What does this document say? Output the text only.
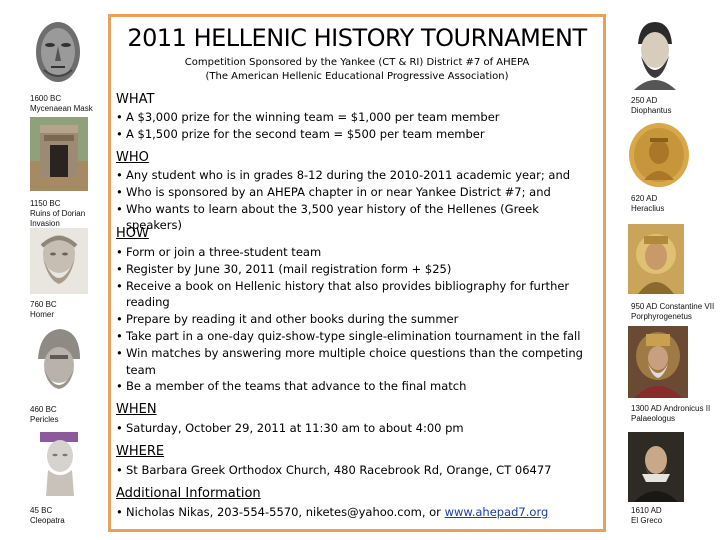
2011 HELLENIC HISTORY TOURNAMENT
Competition Sponsored by the Yankee (CT & RI) District #7 of AHEPA
(The American Hellenic Educational Progressive Association)
1600 BC
Mycenaean Mask
1150 BC
Ruins of Dorian
Invasion
760 BC
Homer
460 BC
Pericles
45 BC
Cleopatra
250 AD
Diophantus
620 AD
Heraclius
950 AD Constantine VII
Porphyrogenetus
1300 AD Andronicus II
Palaeologus
1610 AD
El Greco
WHAT
• A $3,000 prize for the winning team = $1,000 per team member
• A $1,500 prize for the second team = $500 per team member
WHO
• Any student who is in grades 8-12 during the 2010-2011 academic year; and
• Who is sponsored by an AHEPA chapter in or near Yankee District #7; and
• Who wants to learn about the 3,500 year history of the Hellenes (Greek speakers)
HOW
• Form or join a three-student team
• Register by June 30, 2011 (mail registration form + $25)
• Receive a book on Hellenic history that also provides bibliography for further reading
• Prepare by reading it and other books during the summer
• Take part in a one-day quiz-show-type single-elimination tournament in the fall
• Win matches by answering more multiple choice questions than the competing team
• Be a member of the teams that advance to the final match
WHEN
• Saturday, October 29, 2011 at 11:30 am to about 4:00 pm
WHERE
• St Barbara Greek Orthodox Church, 480 Racebrook Rd, Orange, CT 06477
Additional Information
• Nicholas Nikas, 203-554-5570, niketes@yahoo.com, or www.ahepad7.org
